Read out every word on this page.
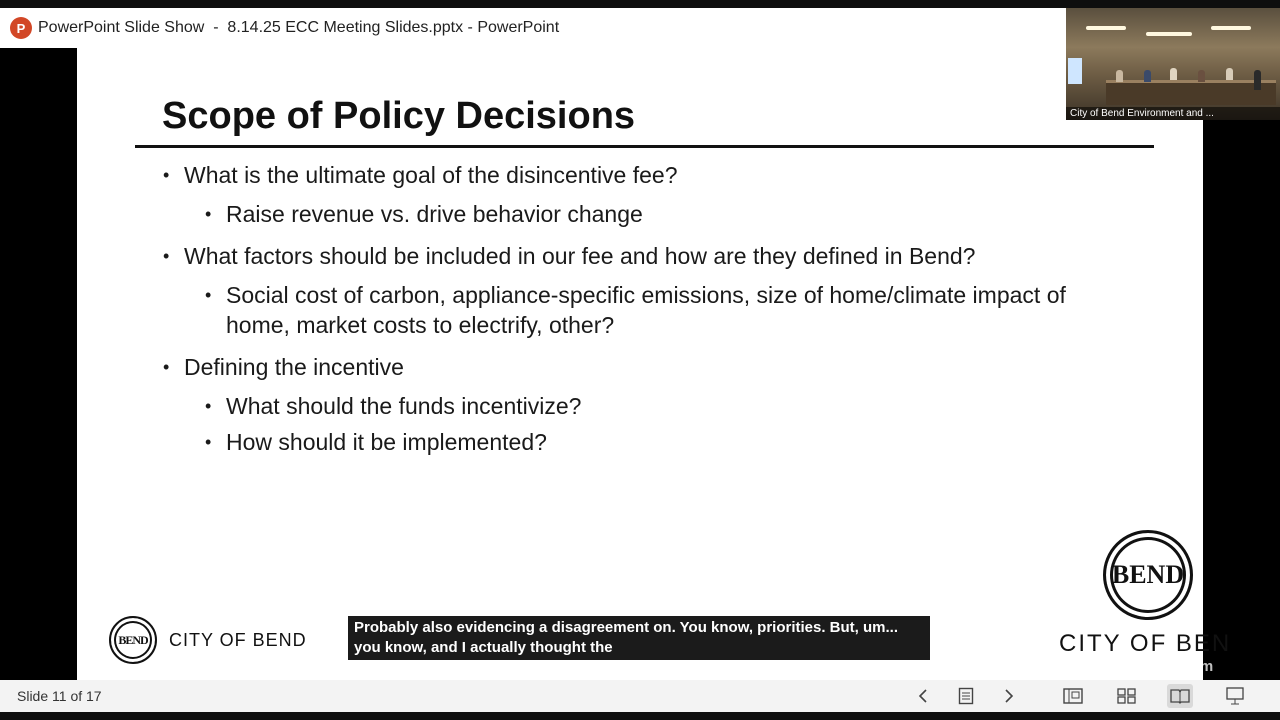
P PowerPoint Slide Show  -  8.14.25 ECC Meeting Slides.pptx - PowerPoint
Scope of Policy Decisions
• What is the ultimate goal of the disincentive fee?
• Raise revenue vs. drive behavior change
• What factors should be included in our fee and how are they defined in Bend?
• Social cost of carbon, appliance-specific emissions, size of home/climate impact of home, market costs to electrify, other?
• Defining the incentive
• What should the funds incentivize?
• How should it be implemented?
BEND	CITY OF BEND
BEND
CITY OF BEN
Probably also evidencing a disagreement on. You know, priorities. But, um...
you know, and I actually thought the
Powered by Zoom
City of Bend Environment and ...
Slide 11 of 17
